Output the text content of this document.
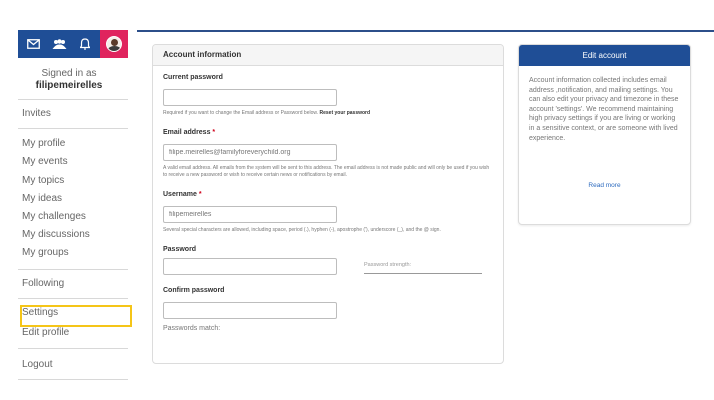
Signed in as
filipemeirelles
Invites
My profile
My events
My topics
My ideas
My challenges
My discussions
My groups
Following
Settings
Edit profile
Logout
Account information
Current password
Required if you want to change the Email address or Password below. Reset your password
Email address *
filipe.meirelles@familyforeverychild.org
A valid email address. All emails from the system will be sent to this address. The email address is not made public and will only be used if you wish to receive a new password or wish to receive certain news or notifications by email.
Username *
filipemeirelles
Several special characters are allowed, including space, period (.), hyphen (-), apostrophe ('), underscore (_), and the @ sign.
Password
Password strength:
Confirm password
Passwords match:
Edit account
Account information collected includes email address ,notification, and mailing settings. You can also edit your privacy and timezone in these account 'settings'. We recommend maintaining high privacy settings if you are living or working in a sensitive context, or are someone with lived experience.
Read more
